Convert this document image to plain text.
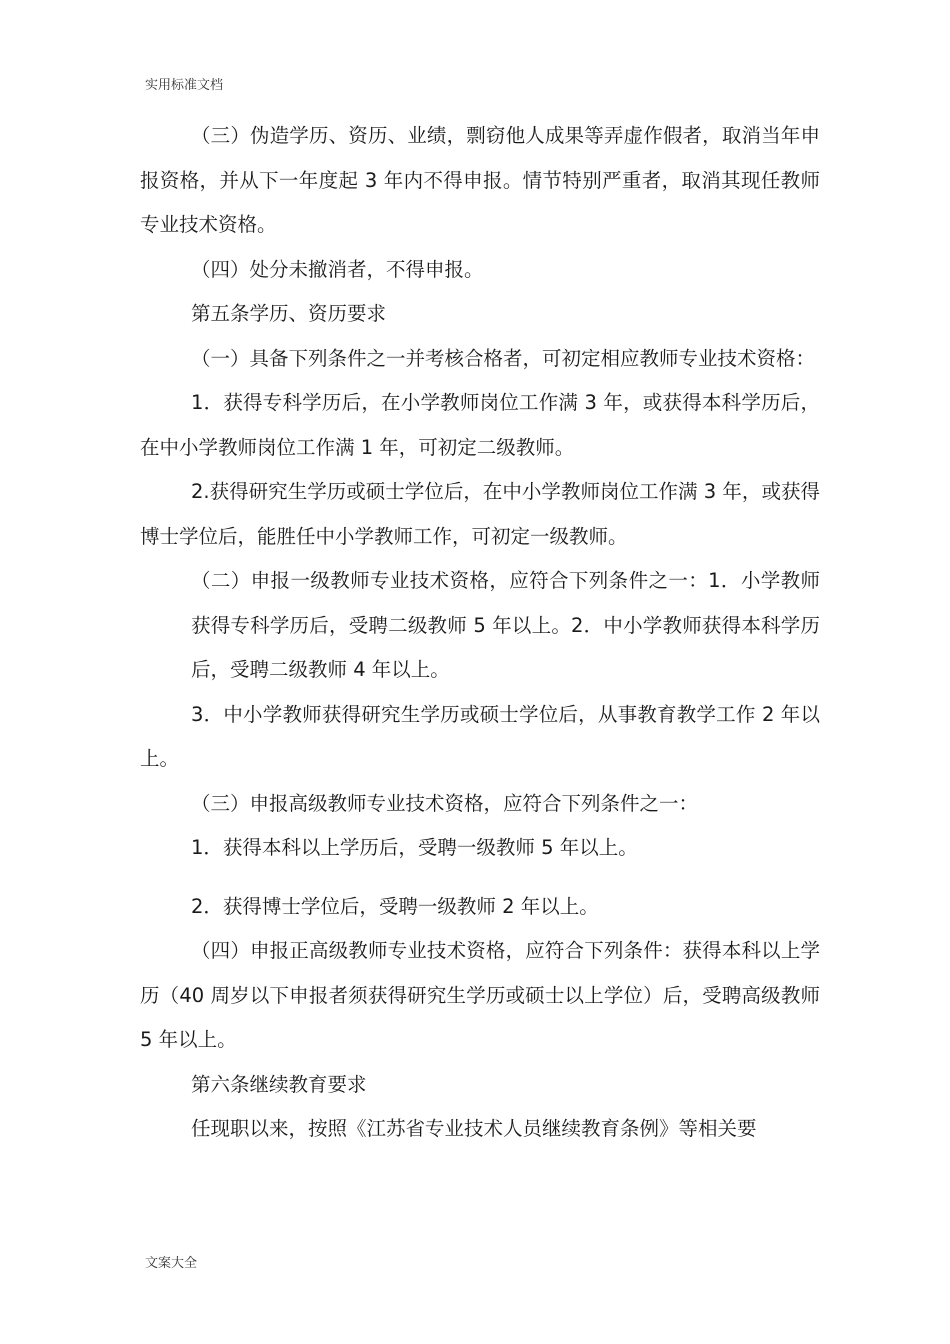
实用标准文档

（三）伪造学历、资历、业绩，剽窃他人成果等弄虚作假者，取消当年申报资格，并从下一年度起 3 年内不得申报。情节特别严重者，取消其现任教师专业技术资格。

（四）处分未撤消者，不得申报。

第五条学历、资历要求

（一）具备下列条件之一并考核合格者，可初定相应教师专业技术资格：

1．获得专科学历后，在小学教师岗位工作满 3 年，或获得本科学历后，在中小学教师岗位工作满 1 年，可初定二级教师。

2.获得研究生学历或硕士学位后，在中小学教师岗位工作满 3 年，或获得博士学位后，能胜任中小学教师工作，可初定一级教师。

（二）申报一级教师专业技术资格，应符合下列条件之一：1．小学教师获得专科学历后，受聘二级教师 5 年以上。2．中小学教师获得本科学历后，受聘二级教师 4 年以上。

3．中小学教师获得研究生学历或硕士学位后，从事教育教学工作 2 年以上。

（三）申报高级教师专业技术资格，应符合下列条件之一：

1．获得本科以上学历后，受聘一级教师 5 年以上。

2．获得博士学位后，受聘一级教师 2 年以上。

（四）申报正高级教师专业技术资格，应符合下列条件：获得本科以上学历（40 周岁以下申报者须获得研究生学历或硕士以上学位）后，受聘高级教师 5 年以上。

第六条继续教育要求

任现职以来，按照《江苏省专业技术人员继续教育条例》等相关要

文案大全
